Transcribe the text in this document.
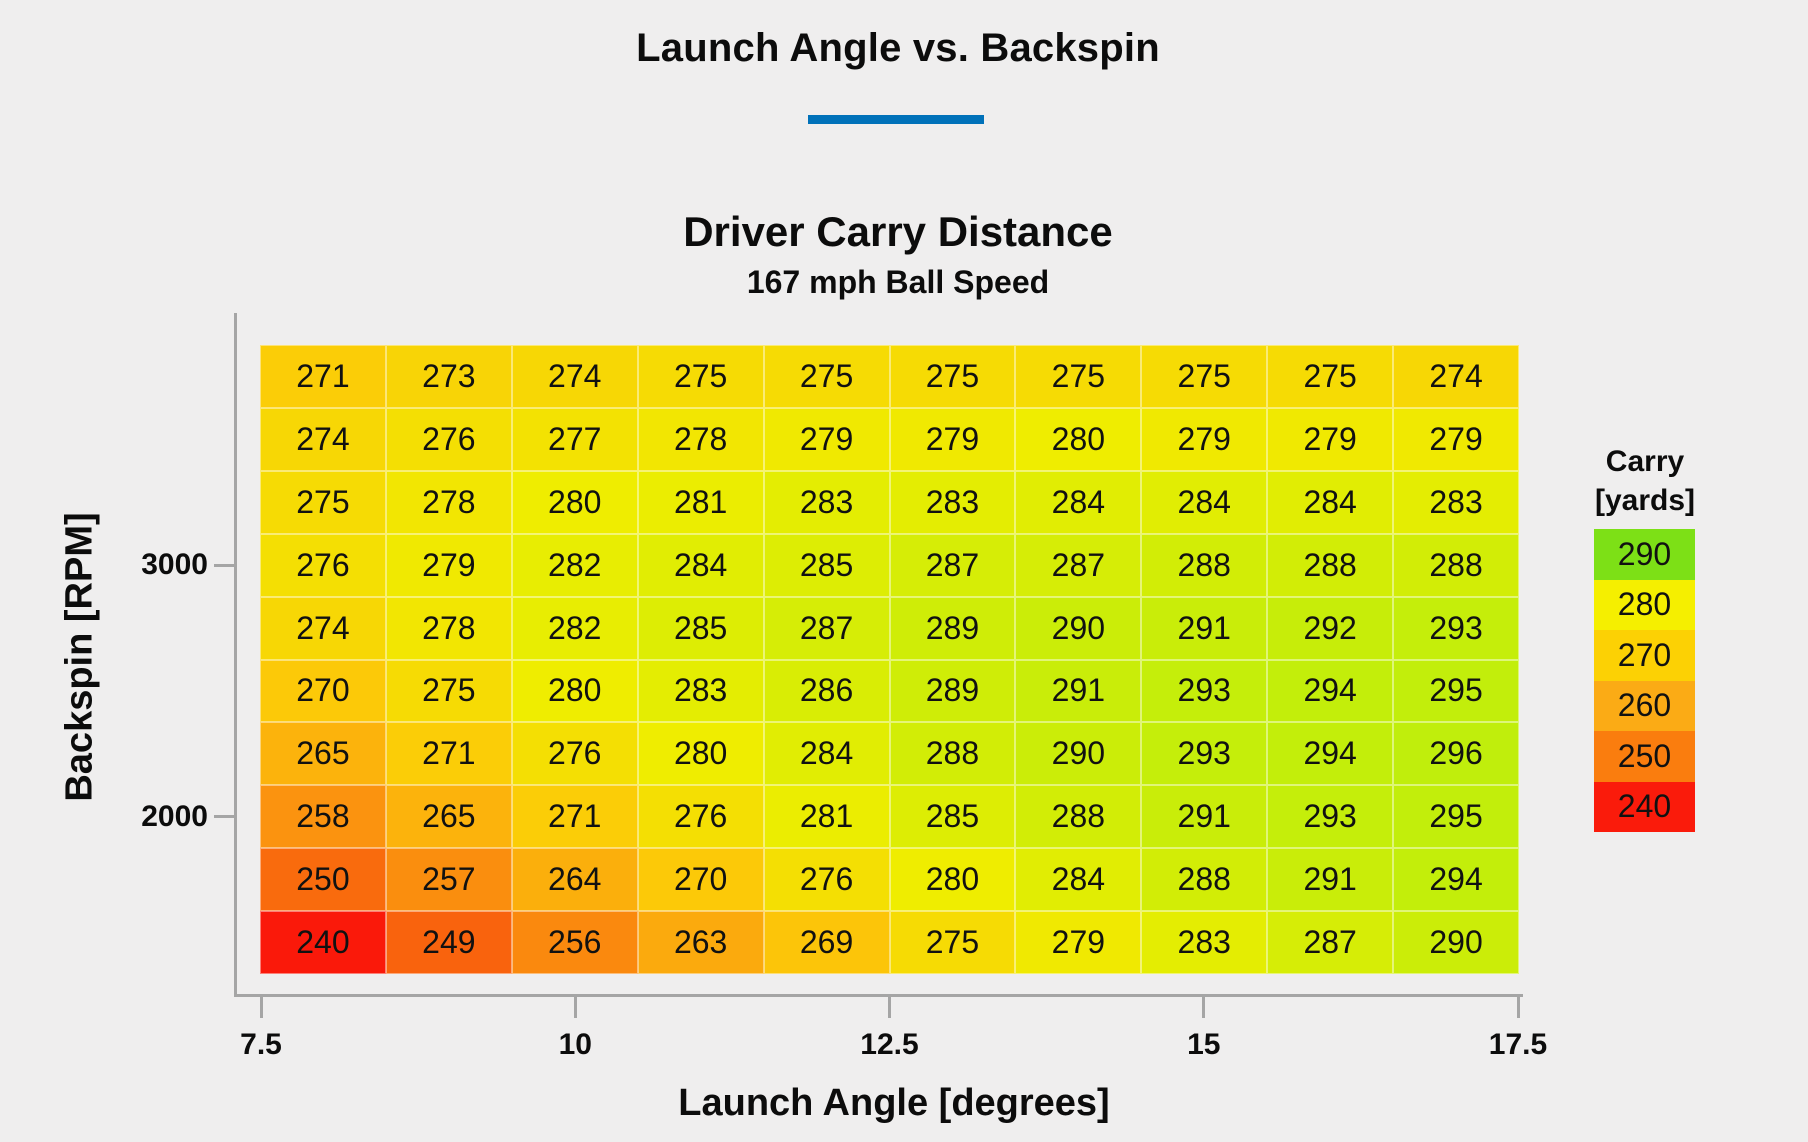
Launch Angle vs. Backspin
Driver Carry Distance
167 mph Ball Speed
271	273	274	275	275	275	275	275	275	274
274	276	277	278	279	279	280	279	279	279
275	278	280	281	283	283	284	284	284	283
276	279	282	284	285	287	287	288	288	288
274	278	282	285	287	289	290	291	292	293
270	275	280	283	286	289	291	293	294	295
265	271	276	280	284	288	290	293	294	296
258	265	271	276	281	285	288	291	293	295
250	257	264	270	276	280	284	288	291	294
240	249	256	263	269	275	279	283	287	290
7.5	10	12.5	15	17.5
3000
2000
Launch Angle [degrees]
Backspin [RPM]
Carry
[yards]
290
280
270
260
250
240
